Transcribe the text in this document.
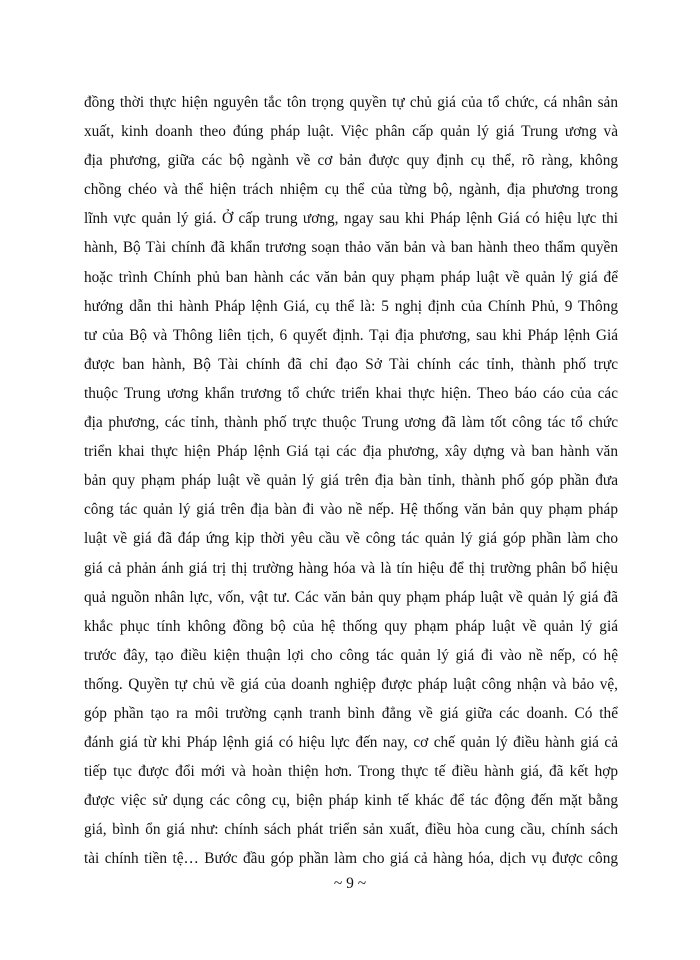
đồng thời thực hiện nguyên tắc tôn trọng quyền tự chủ giá của tổ chức, cá nhân sản
xuất, kinh doanh theo đúng pháp luật. Việc phân cấp quản lý giá Trung ương và
địa phương, giữa các bộ ngành về cơ bản được quy định cụ thể, rõ ràng, không
chồng chéo và thể hiện trách nhiệm cụ thể của từng bộ, ngành, địa phương trong
lĩnh vực quản lý giá. Ở cấp trung ương, ngay sau khi Pháp lệnh Giá có hiệu lực thi
hành, Bộ Tài chính đã khẩn trương soạn thảo văn bản và ban hành theo thẩm quyền
hoặc trình Chính phủ ban hành các văn bản quy phạm pháp luật về quản lý giá để
hướng dẫn thi hành Pháp lệnh Giá, cụ thể là: 5 nghị định của Chính Phủ, 9 Thông
tư của Bộ và Thông liên tịch, 6 quyết định. Tại địa phương, sau khi Pháp lệnh Giá
được ban hành, Bộ Tài chính đã chỉ đạo Sở Tài chính các tỉnh, thành phố trực
thuộc Trung ương khẩn trương tổ chức triển khai thực hiện. Theo báo cáo của các
địa phương, các tỉnh, thành phố trực thuộc Trung ương đã làm tốt công tác tổ chức
triển khai thực hiện Pháp lệnh Giá tại các địa phương, xây dựng và ban hành văn
bản quy phạm pháp luật về quản lý giá trên địa bàn tỉnh, thành phố góp phần đưa
công tác quản lý giá trên địa bàn đi vào nề nếp. Hệ thống văn bản quy phạm pháp
luật về giá đã đáp ứng kịp thời yêu cầu về công tác quản lý giá góp phần làm cho
giá cả phản ánh giá trị thị trường hàng hóa và là tín hiệu để thị trường phân bổ hiệu
quả nguồn nhân lực, vốn, vật tư. Các văn bản quy phạm pháp luật về quản lý giá đã
khắc phục tính không đồng bộ của hệ thống quy phạm pháp luật về quản lý giá
trước đây, tạo điều kiện thuận lợi cho công tác quản lý giá đi vào nề nếp, có hệ
thống. Quyền tự chủ về giá của doanh nghiệp được pháp luật công nhận và bảo vệ,
góp phần tạo ra môi trường cạnh tranh bình đẳng về giá giữa các doanh. Có thể
đánh giá từ khi Pháp lệnh giá có hiệu lực đến nay, cơ chế quản lý điều hành giá cả
tiếp tục được đổi mới và hoàn thiện hơn. Trong thực tế điều hành giá, đã kết hợp
được việc sử dụng các công cụ, biện pháp kinh tế khác để tác động đến mặt bằng
giá, bình ổn giá như: chính sách phát triển sản xuất, điều hòa cung cầu, chính sách
tài chính tiền tệ… Bước đầu góp phần làm cho giá cả hàng hóa, dịch vụ được công
~ 9 ~
